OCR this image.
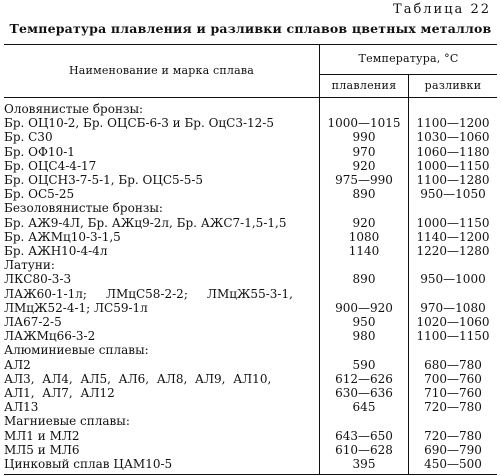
Таблица 22
Температура плавления и разливки сплавов цветных металлов
Наименование и марка сплава	Температура, °С	
	плавления	разливки
Оловянистые бронзы:		
Бр. ОЦ10-2, Бр. ОЦСБ-6-3 и Бр. ОцС3-12-5	1000—1015	1100—1200
Бр. С30	990	1030—1060
Бр. ОФ10-1	970	1060—1180
Бр. ОЦС4-4-17	920	1000—1150
Бр. ОЦСН3-7-5-1, Бр. ОЦС5-5-5	975—990	1100—1280
Бр. ОС5-25	890	950—1050
Безоловянистые бронзы:		
Бр. АЖ9-4Л, Бр. АЖц9-2л, Бр. АЖС7-1,5-1,5	920	1000—1150
Бр. АЖМц10-3-1,5	1080	1140—1200
Бр. АЖН10-4-4л	1140	1220—1280
Латуни:		
ЛКС80-3-3	890	950—1000
ЛАЖ60-1-1л;     ЛМцС58-2-2;     ЛМцЖ55-3-1,		
ЛМцЖ52-4-1; ЛС59-1л	900—920	970—1080
ЛА67-2-5	950	1020—1060
ЛАЖМц66-3-2	980	1100—1150
Алюминиевые сплавы:		
АЛ2	590	680—780
АЛ3,  АЛ4,  АЛ5,  АЛ6,  АЛ8,  АЛ9,  АЛ10,	612—626	700—760
АЛ1,  АЛ7,  АЛ12	630—636	710—760
АЛ13	645	720—780
Магниевые сплавы:		
МЛ1 и МЛ2	643—650	720—780
МЛ5 и МЛ6	610—628	690—790
Цинковый сплав ЦАМ10-5	395	450—500
